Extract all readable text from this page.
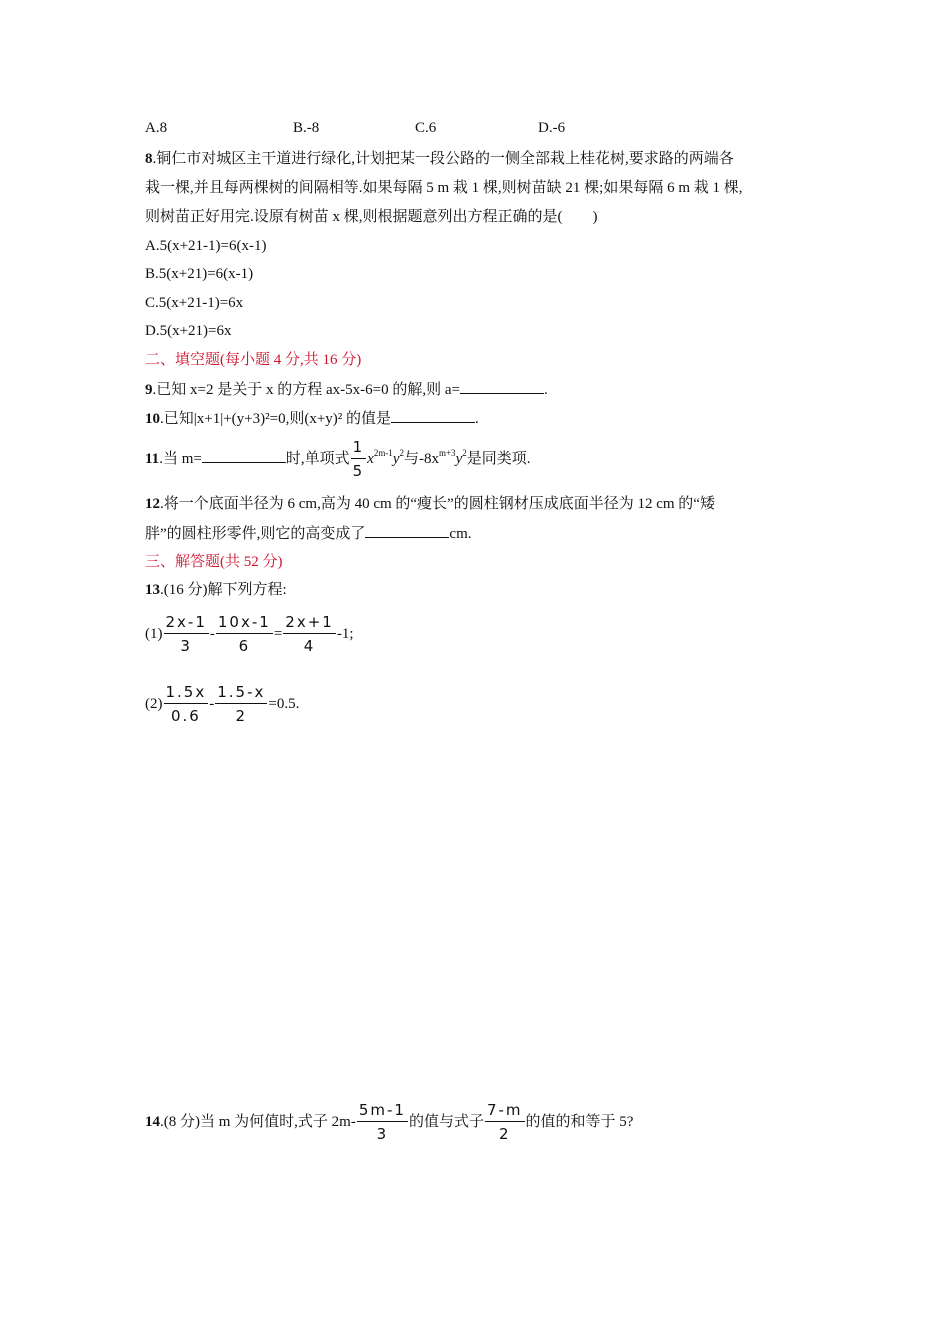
A.8	B.-8	C.6	D.-6
8.铜仁市对城区主干道进行绿化,计划把某一段公路的一侧全部栽上桂花树,要求路的两端各
栽一棵,并且每两棵树的间隔相等.如果每隔 5 m 栽 1 棵,则树苗缺 21 棵;如果每隔 6 m 栽 1 棵,
则树苗正好用完.设原有树苗 x 棵,则根据题意列出方程正确的是(　　)
A.5(x+21-1)=6(x-1)
B.5(x+21)=6(x-1)
C.5(x+21-1)=6x
D.5(x+21)=6x
二、填空题(每小题 4 分,共 16 分)
9.已知 x=2 是关于 x 的方程 ax-5x-6=0 的解,则 a=	.
10.已知|x+1|+(y+3)²=0,则(x+y)² 的值是	.
11.当 m=	时,单项式 $\frac{1}{5} x^{2m-1}y^2$与$-8x^{m+3}y^2$是同类项.
12.将一个底面半径为 6 cm,高为 40 cm 的“瘦长”的圆柱钢材压成底面半径为 12 cm 的“矮
胖”的圆柱形零件,则它的高变成了	cm.
三、解答题(共 52 分)
13.(16 分)解下列方程:
$(1) \frac{2x-1}{3} - \frac{10x-1}{6} = \frac{2x+1}{4} -1$;
$(2) \frac{1.5x}{0.6} - \frac{1.5-x}{2} =0.5$.
14.(8 分)当 m 为何值时,式子 $2m- \frac{5m-1}{3}$ 的值与式子 $\frac{7-m}{2}$ 的值的和等于 5?
